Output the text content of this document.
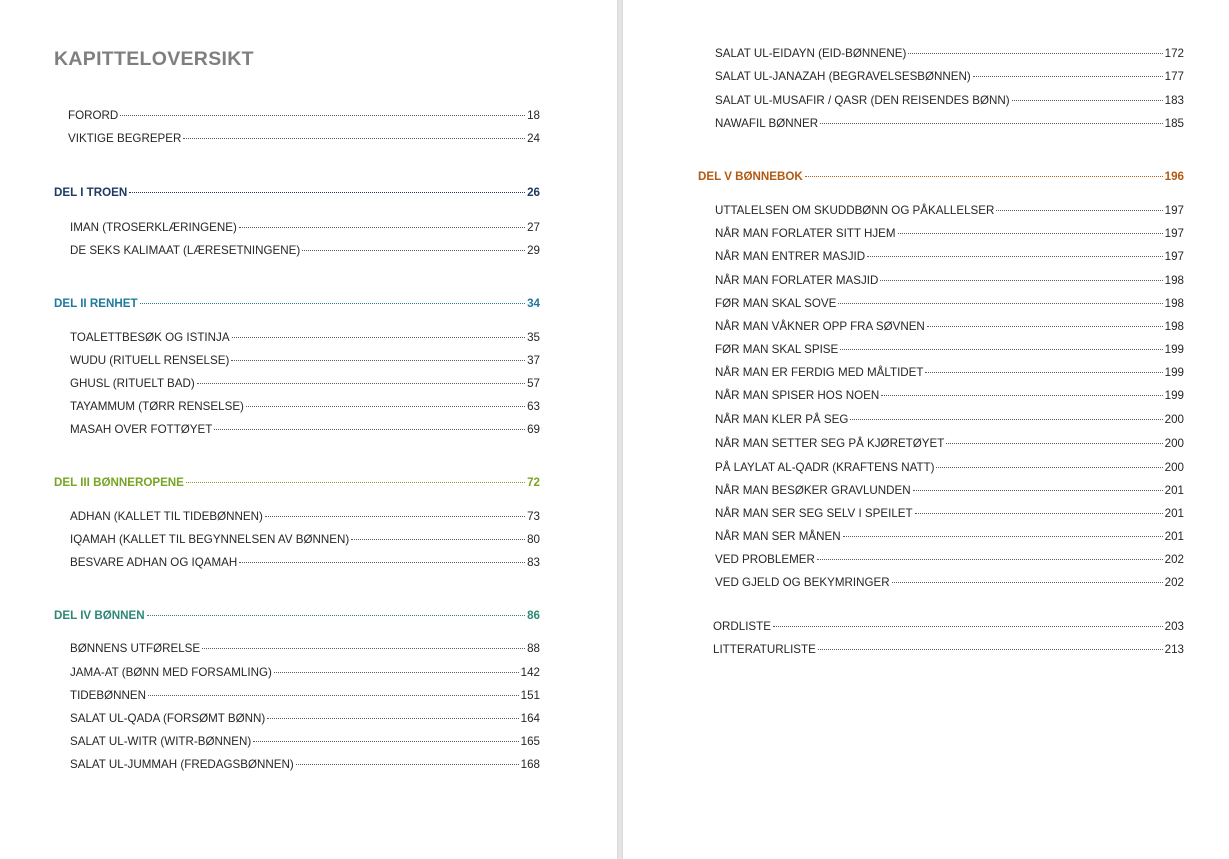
KAPITTELOVERSIKT
FORORD	18
VIKTIGE BEGREPER	24
DEL I TROEN	26
IMAN (TROSERKLÆRINGENE)	27
DE SEKS KALIMAAT (LÆRESETNINGENE)	29
DEL II RENHET	34
TOALETTBESØK OG ISTINJA	35
WUDU (RITUELL RENSELSE)	37
GHUSL (RITUELT BAD)	57
TAYAMMUM (TØRR RENSELSE)	63
MASAH OVER FOTTØYET	69
DEL III BØNNEROPENE	72
ADHAN (KALLET TIL TIDEBØNNEN)	73
IQAMAH (KALLET TIL BEGYNNELSEN AV BØNNEN)	80
BESVARE ADHAN OG IQAMAH	83
DEL IV BØNNEN	86
BØNNENS UTFØRELSE	88
JAMA-AT (BØNN MED FORSAMLING)	142
TIDEBØNNEN	151
SALAT UL-QADA (FORSØMT BØNN)	164
SALAT UL-WITR (WITR-BØNNEN)	165
SALAT UL-JUMMAH (FREDAGSBØNNEN)	168
SALAT UL-EIDAYN (EID-BØNNENE)	172
SALAT UL-JANAZAH (BEGRAVELSESBØNNEN)	177
SALAT UL-MUSAFIR / QASR (DEN REISENDES BØNN)	183
NAWAFIL BØNNER	185
DEL V BØNNEBOK	196
UTTALELSEN OM SKUDDBØNN OG PÅKALLELSER	197
NÅR MAN FORLATER SITT HJEM	197
NÅR MAN ENTRER MASJID	197
NÅR MAN FORLATER MASJID	198
FØR MAN SKAL SOVE	198
NÅR MAN VÅKNER OPP FRA SØVNEN	198
FØR MAN SKAL SPISE	199
NÅR MAN ER FERDIG MED MÅLTIDET	199
NÅR MAN SPISER HOS NOEN	199
NÅR MAN KLER PÅ SEG	200
NÅR MAN SETTER SEG PÅ KJØRETØYET	200
PÅ LAYLAT AL-QADR (KRAFTENS NATT)	200
NÅR MAN BESØKER GRAVLUNDEN	201
NÅR MAN SER SEG SELV I SPEILET	201
NÅR MAN SER MÅNEN	201
VED PROBLEMER	202
VED GJELD OG BEKYMRINGER	202
ORDLISTE	203
LITTERATURLISTE	213
